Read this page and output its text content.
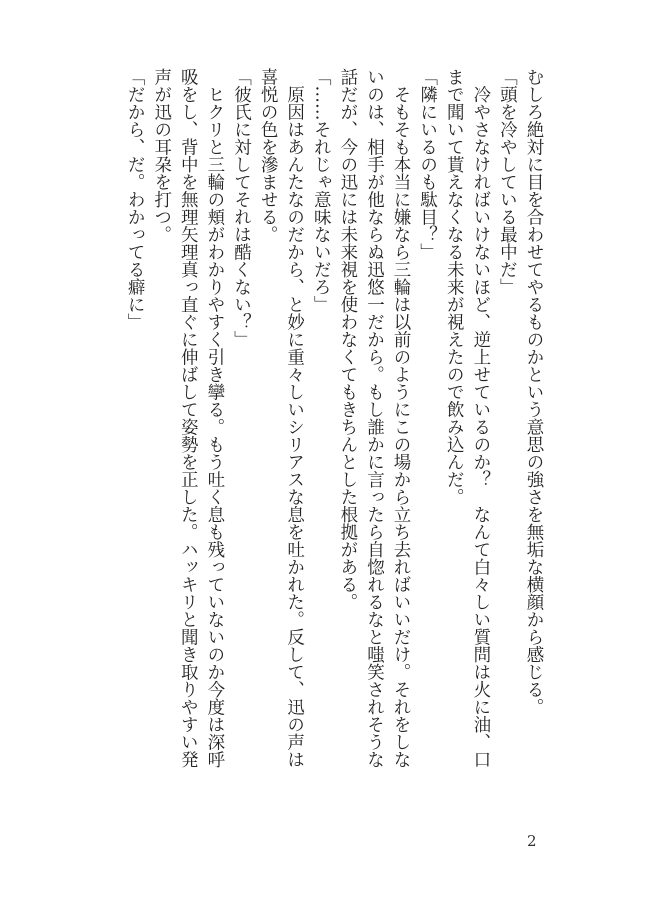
むしろ絶対に目を合わせてやるものかという意思の強さを無垢な横顔から感じる。

「頭を冷やしている最中だ」

　冷やさなければいけないほど、逆上せているのか？　なんて白々しい質問は火に油、口

まで聞いて貰えなくなる未来が視えたので飲み込んだ。

「隣にいるのも駄目？」

　そもそも本当に嫌なら三輪は以前のようにこの場から立ち去ればいいだけ。それをしな

いのは、相手が他ならぬ迅悠一だから。もし誰かに言ったら自惚れるなと嗤笑されそうな

話だが、今の迅には未来視を使わなくてもきちんとした根拠がある。

「……それじゃ意味ないだろ」

　原因はあんたなのだから、と妙に重々しいシリアスな息を吐かれた。反して、迅の声は

喜悦の色を滲ませる。

「彼氏に対してそれは酷くない？」

　ヒクリと三輪の頬がわかりやすく引き攣る。もう吐く息も残っていないのか今度は深呼

吸をし、背中を無理矢理真っ直ぐに伸ばして姿勢を正した。ハッキリと聞き取りやすい発

声が迅の耳朶を打つ。

「だから、だ。わかってる癖に」

2
